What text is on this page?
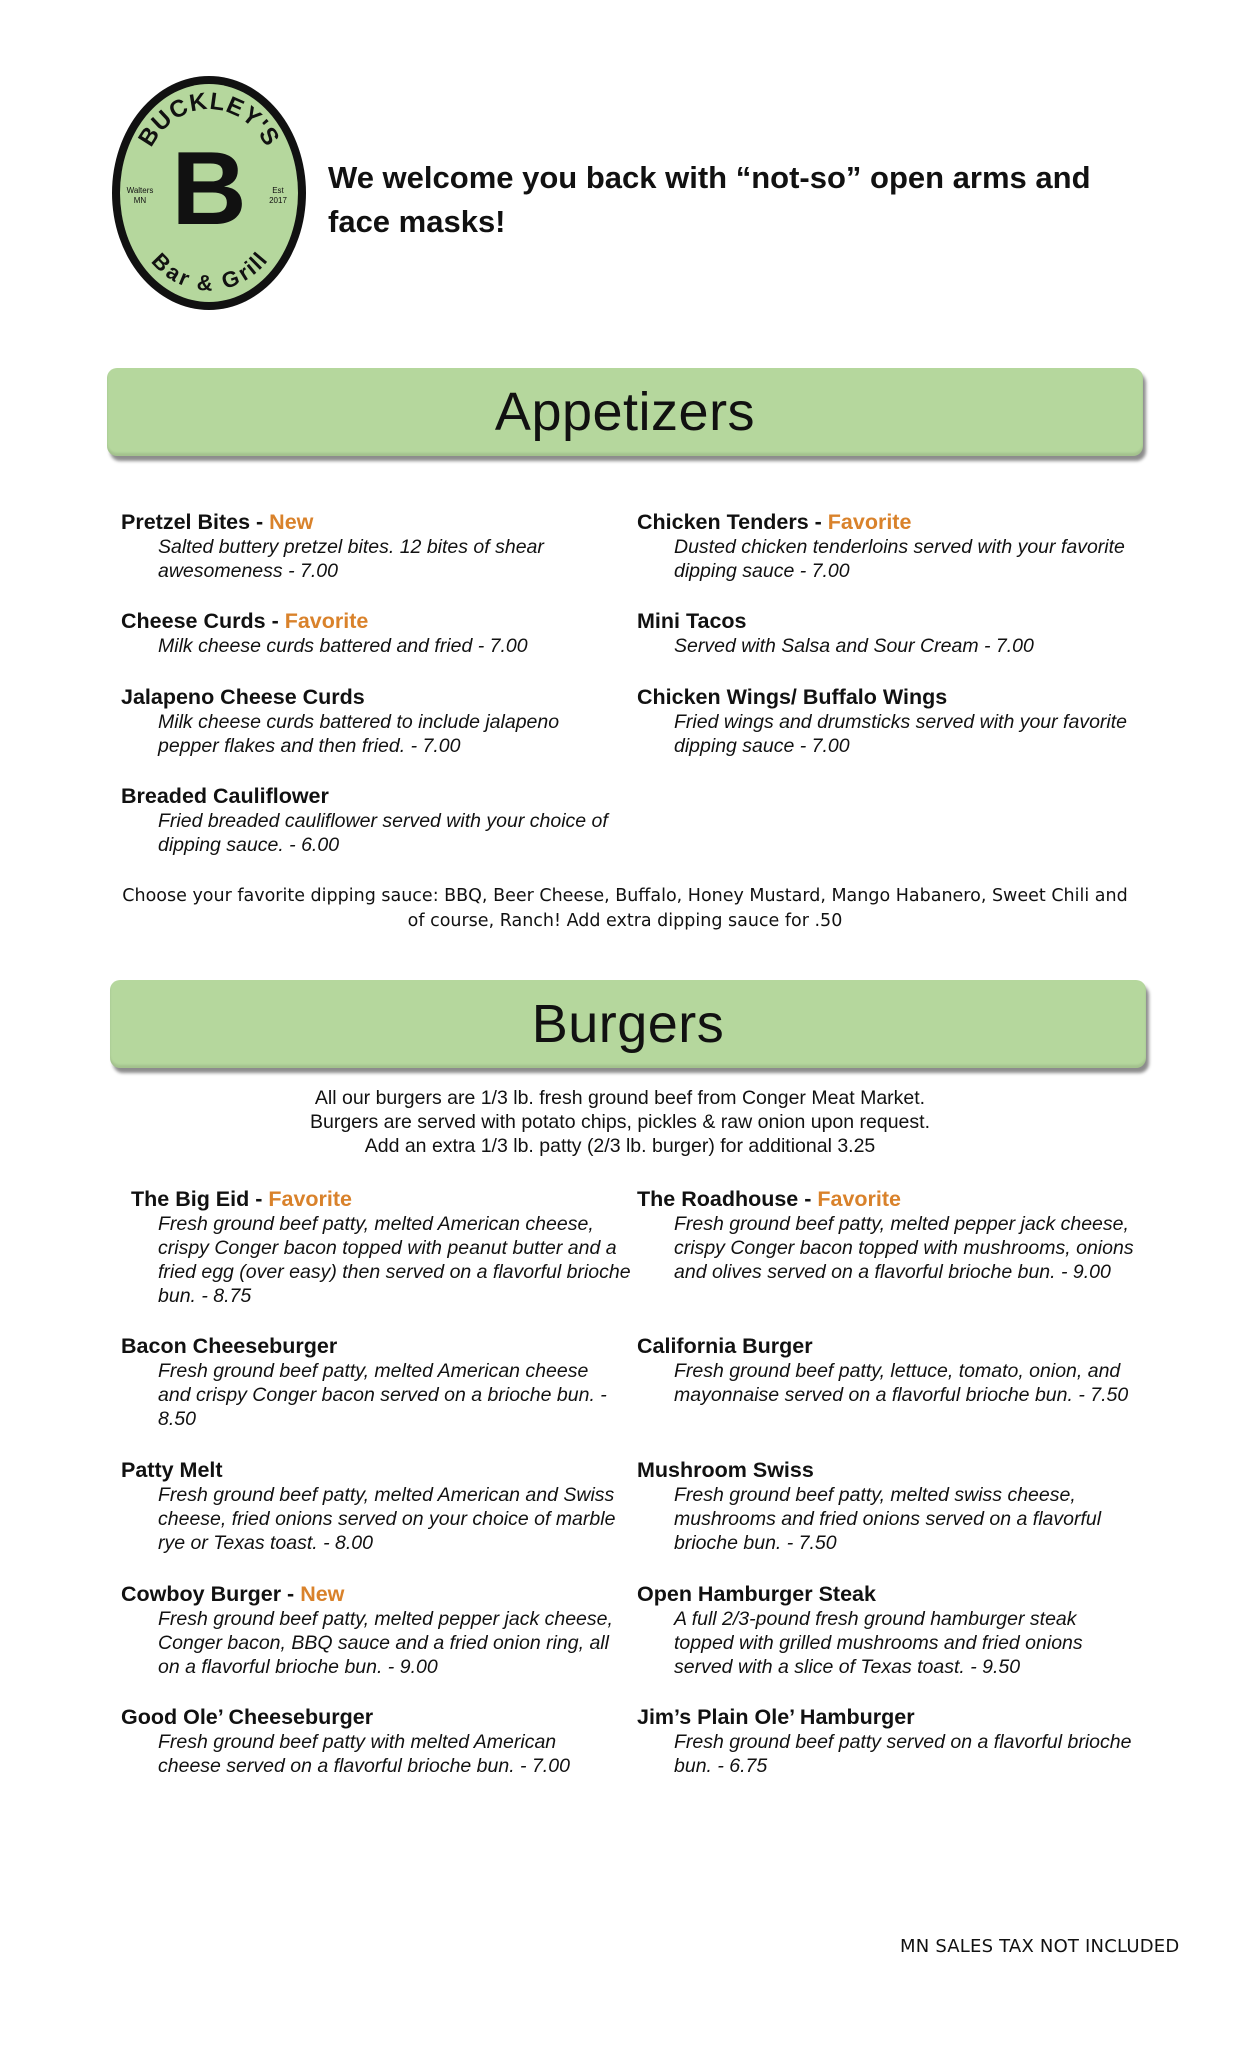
BUCKLEY'S
B
Walters
MN
Est
2017
Bar & Grill
We welcome you back with “not-so” open arms and face masks!
Appetizers
Pretzel Bites - New
Salted buttery pretzel bites. 12 bites of shear awesomeness - 7.00
Chicken Tenders - Favorite
Dusted chicken tenderloins served with your favorite dipping sauce - 7.00
Cheese Curds - Favorite
Milk cheese curds battered and fried - 7.00
Mini Tacos
Served with Salsa and Sour Cream - 7.00
Jalapeno Cheese Curds
Milk cheese curds battered to include jalapeno pepper flakes and then fried. - 7.00
Chicken Wings/ Buffalo Wings
Fried wings and drumsticks served with your favorite dipping sauce - 7.00
Breaded Cauliflower
Fried breaded cauliflower served with your choice of dipping sauce. - 6.00
Choose your favorite dipping sauce: BBQ, Beer Cheese, Buffalo, Honey Mustard, Mango Habanero, Sweet Chili and of course, Ranch! Add extra dipping sauce for .50
Burgers
All our burgers are 1/3 lb. fresh ground beef from Conger Meat Market.
Burgers are served with potato chips, pickles & raw onion upon request.
Add an extra 1/3 lb. patty (2/3 lb. burger) for additional 3.25
The Big Eid - Favorite
Fresh ground beef patty, melted American cheese, crispy Conger bacon topped with peanut butter and a fried egg (over easy) then served on a flavorful brioche bun. - 8.75
The Roadhouse - Favorite
Fresh ground beef patty, melted pepper jack cheese, crispy Conger bacon topped with mushrooms, onions and olives served on a flavorful brioche bun. - 9.00
Bacon Cheeseburger
Fresh ground beef patty, melted American cheese and crispy Conger bacon served on a brioche bun. - 8.50
California Burger
Fresh ground beef patty, lettuce, tomato, onion, and mayonnaise served on a flavorful brioche bun. - 7.50
Patty Melt
Fresh ground beef patty, melted American and Swiss cheese, fried onions served on your choice of marble rye or Texas toast. - 8.00
Mushroom Swiss
Fresh ground beef patty, melted swiss cheese, mushrooms and fried onions served on a flavorful brioche bun. - 7.50
Cowboy Burger - New
Fresh ground beef patty, melted pepper jack cheese, Conger bacon, BBQ sauce and a fried onion ring, all on a flavorful brioche bun. - 9.00
Open Hamburger Steak
A full 2/3-pound fresh ground hamburger steak topped with grilled mushrooms and fried onions served with a slice of Texas toast. - 9.50
Good Ole’ Cheeseburger
Fresh ground beef patty with melted American cheese served on a flavorful brioche bun. - 7.00
Jim’s Plain Ole’ Hamburger
Fresh ground beef patty served on a flavorful brioche bun. - 6.75
MN SALES TAX NOT INCLUDED
